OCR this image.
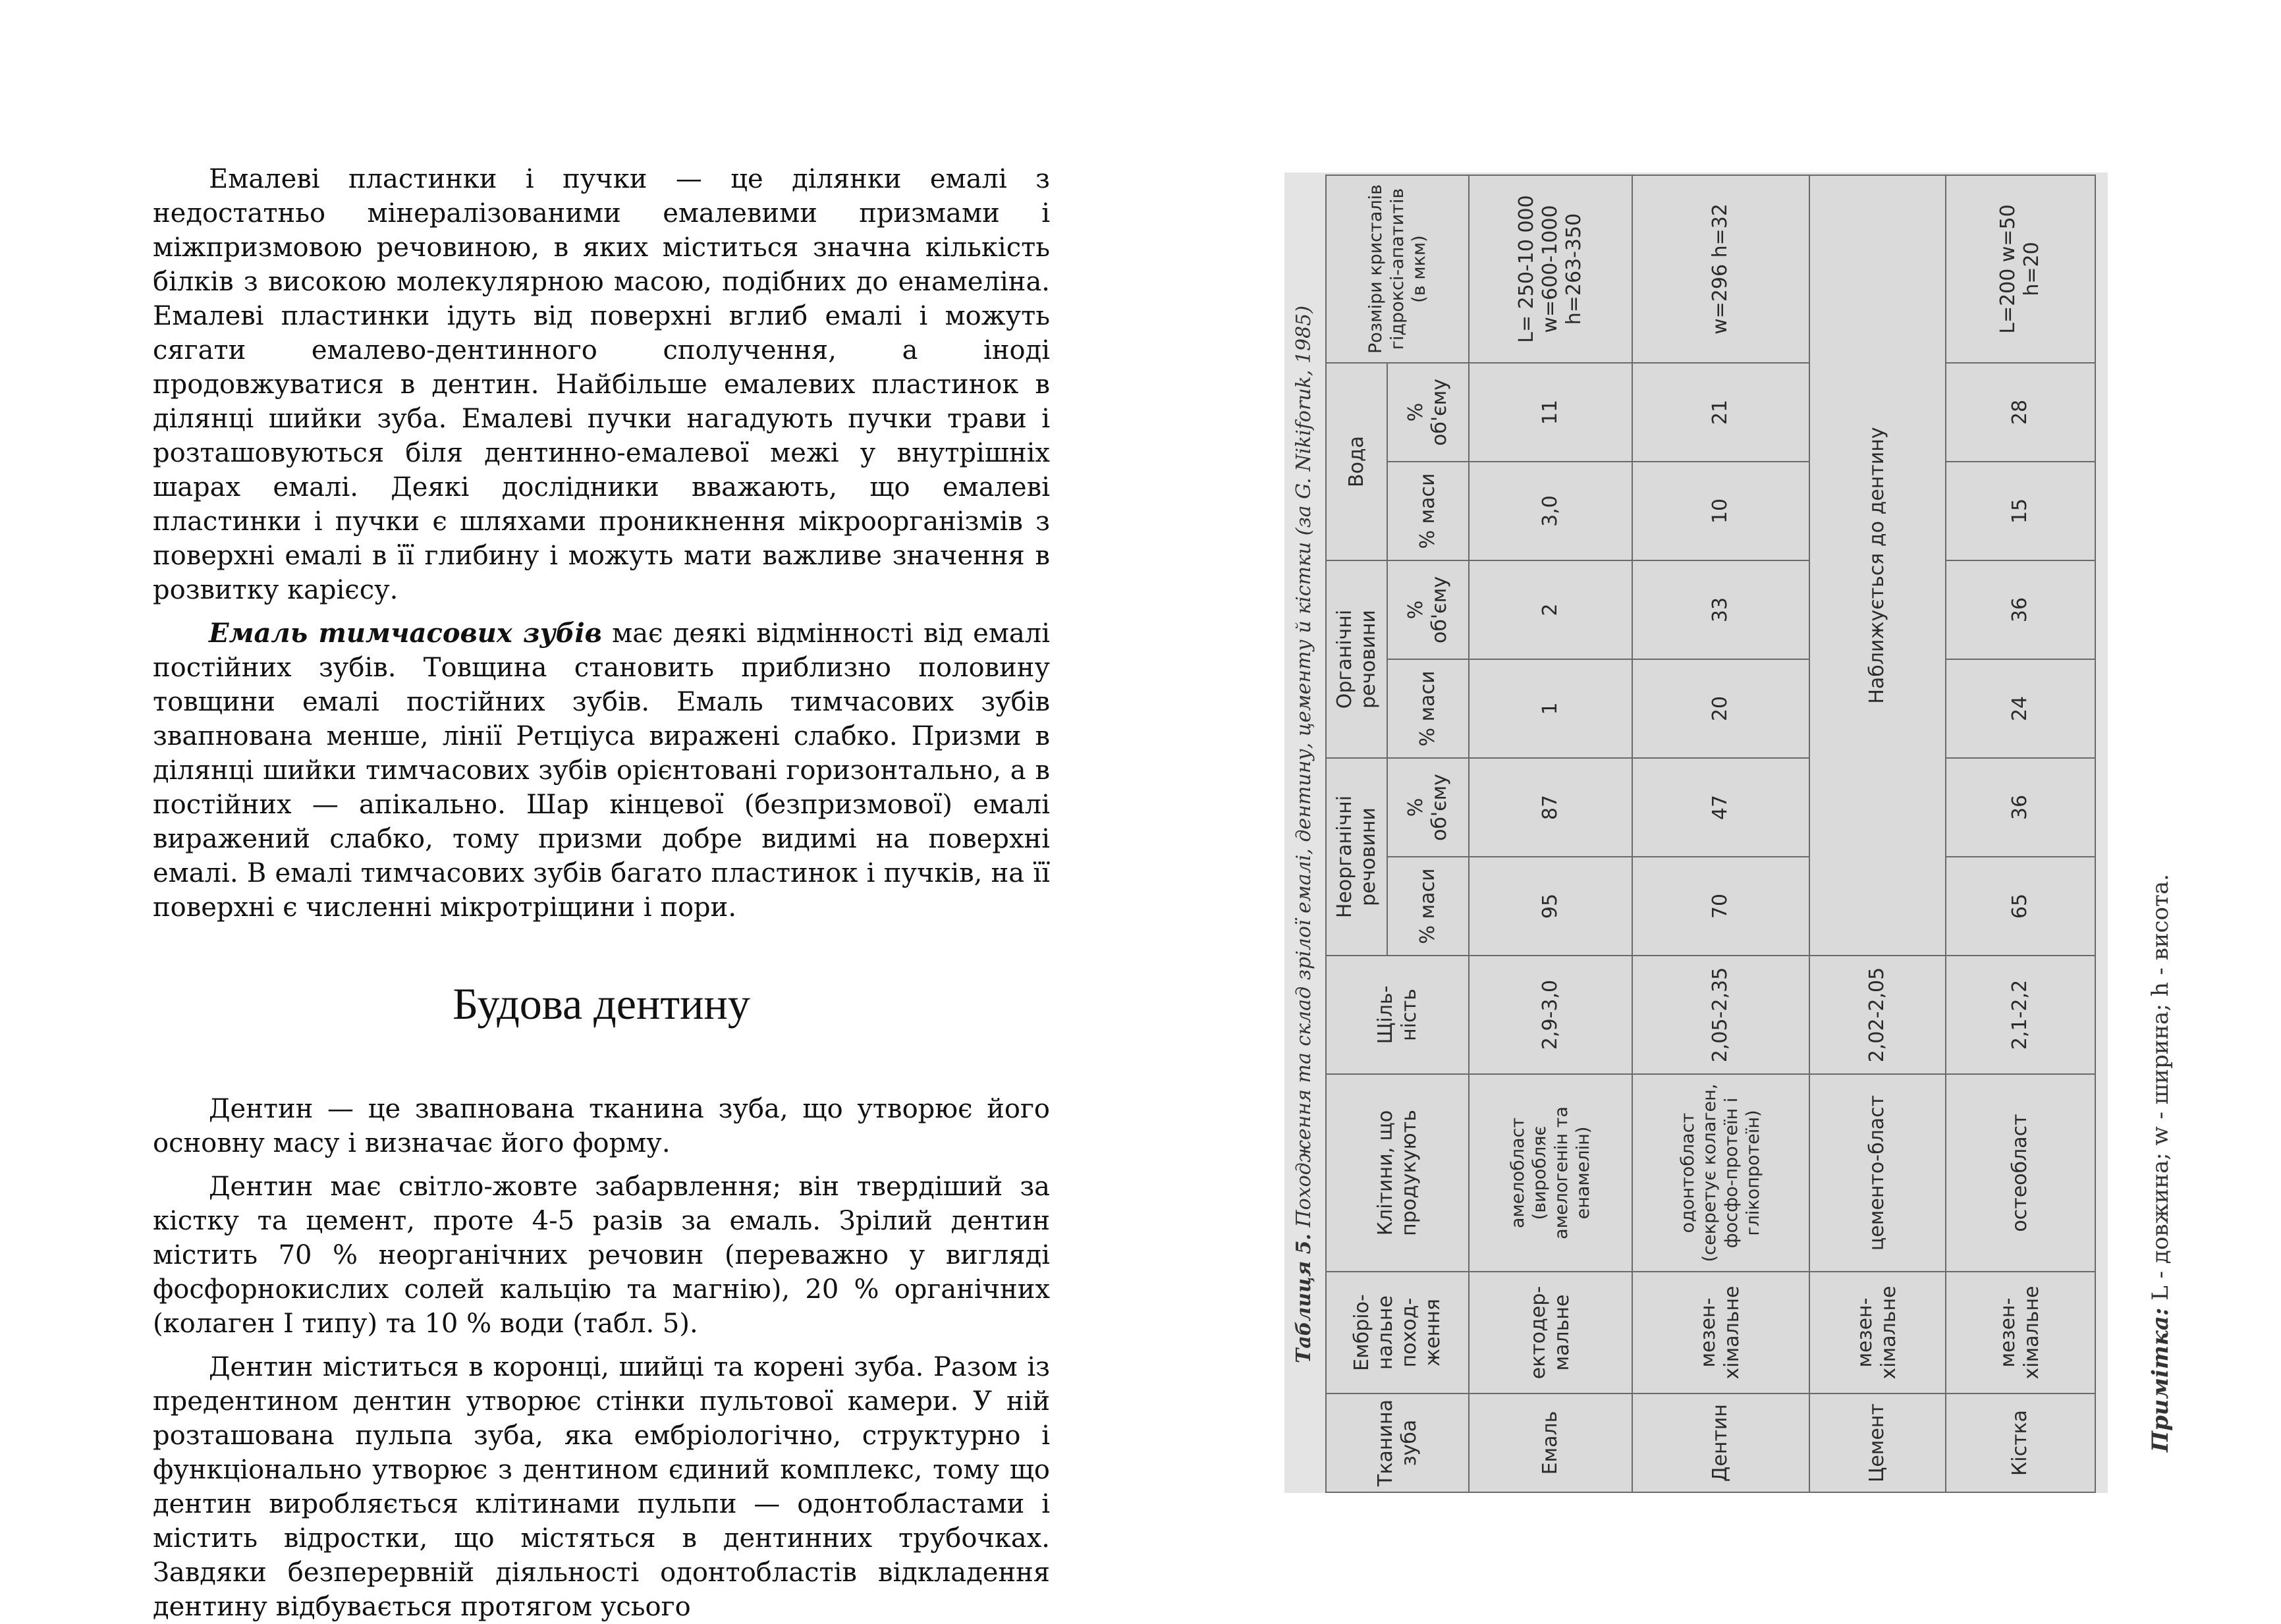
Емалеві пластинки і пучки — це ділянки емалі з недостатньо мінералізованими емалевими призмами і міжпризмовою речовиною, в яких міститься значна кількість білків з високою молекулярною масою, подібних до енамеліна. Емалеві пластинки ідуть від поверхні вглиб емалі і можуть сягати емалево-дентинного сполучення, а іноді продовжуватися в дентин. Найбільше емалевих пластинок в ділянці шийки зуба. Емалеві пучки нагадують пучки трави і розташовуються біля дентинно-емалевої межі у внутрішніх шарах емалі. Деякі дослідники вважають, що емалеві пластинки і пучки є шляхами проникнення мікроорганізмів з поверхні емалі в її глибину і можуть мати важливе значення в розвитку карієсу.

Емаль тимчасових зубів має деякі відмінності від емалі постійних зубів. Товщина становить приблизно половину товщини емалі постійних зубів. Емаль тимчасових зубів звапнована менше, лінії Ретціуса виражені слабко. Призми в ділянці шийки тимчасових зубів орієнтовані горизонтально, а в постійних — апікально. Шар кінцевої (безпризмової) емалі виражений слабко, тому призми добре видимі на поверхні емалі. В емалі тимчасових зубів багато пластинок і пучків, на її поверхні є численні мікротріщини і пори.

Будова дентину

Дентин — це звапнована тканина зуба, що утворює його основну масу і визначає його форму.

Дентин має світло-жовте забарвлення; він твердіший за кістку та цемент, проте 4-5 разів за емаль. Зрілий дентин містить 70 % неорганічних речовин (переважно у вигляді фосфорнокислих солей кальцію та магнію), 20 % органічних (колаген І типу) та 10 % води (табл. 5).

Дентин міститься в коронці, шийці та корені зуба. Разом із предентином дентин утворює стінки пультової камери. У ній розташована пульпа зуба, яка ембріологічно, структурно і функціонально утворює з дентином єдиний комплекс, тому що дентин виробляється клітинами пульпи — одонтобластами і містить відростки, що містяться в дентинних трубочках. Завдяки безперервній діяльності одонтобластів відкладення дентину відбувається протягом усього

Таблиця 5. Походження та склад зрілої емалі, дентину, цементу й кістки (за G. Nikiforuk, 1985)
Тканина зуба	Ембріо-нальне поход-ження	Клітини, що продукують	Щіль-ність	Неорганічні речовини		Органічні речовини		Вода		Розміри кристалів гідроксі-апатитів (в мкм)
				% маси	% об'єму	% маси	% об'єму	% маси	% об'єму	
Емаль	ектодер-мальне	амелобласт (виробляє амелогенін та енамелін)	2,9-3,0	95	87	1	2	3,0	11	L= 250-10 000 w=600-1000 h=263-350
Дентин	мезен-хімальне	одонтобласт (секретує колаген, фосфо-протеїн і глікопротеїн)	2,05-2,35	70	47	20	33	10	21	w=296 h=32
Цемент	мезен-хімальне	цементо-бласт	2,02-2,05	Наближується до дентину						
Кістка	мезен-хімальне	остеобласт	2,1-2,2	65	36	24	36	15	28	L=200 w=50 h=20
Примітка: L - довжина; w - ширина; h - висота.
